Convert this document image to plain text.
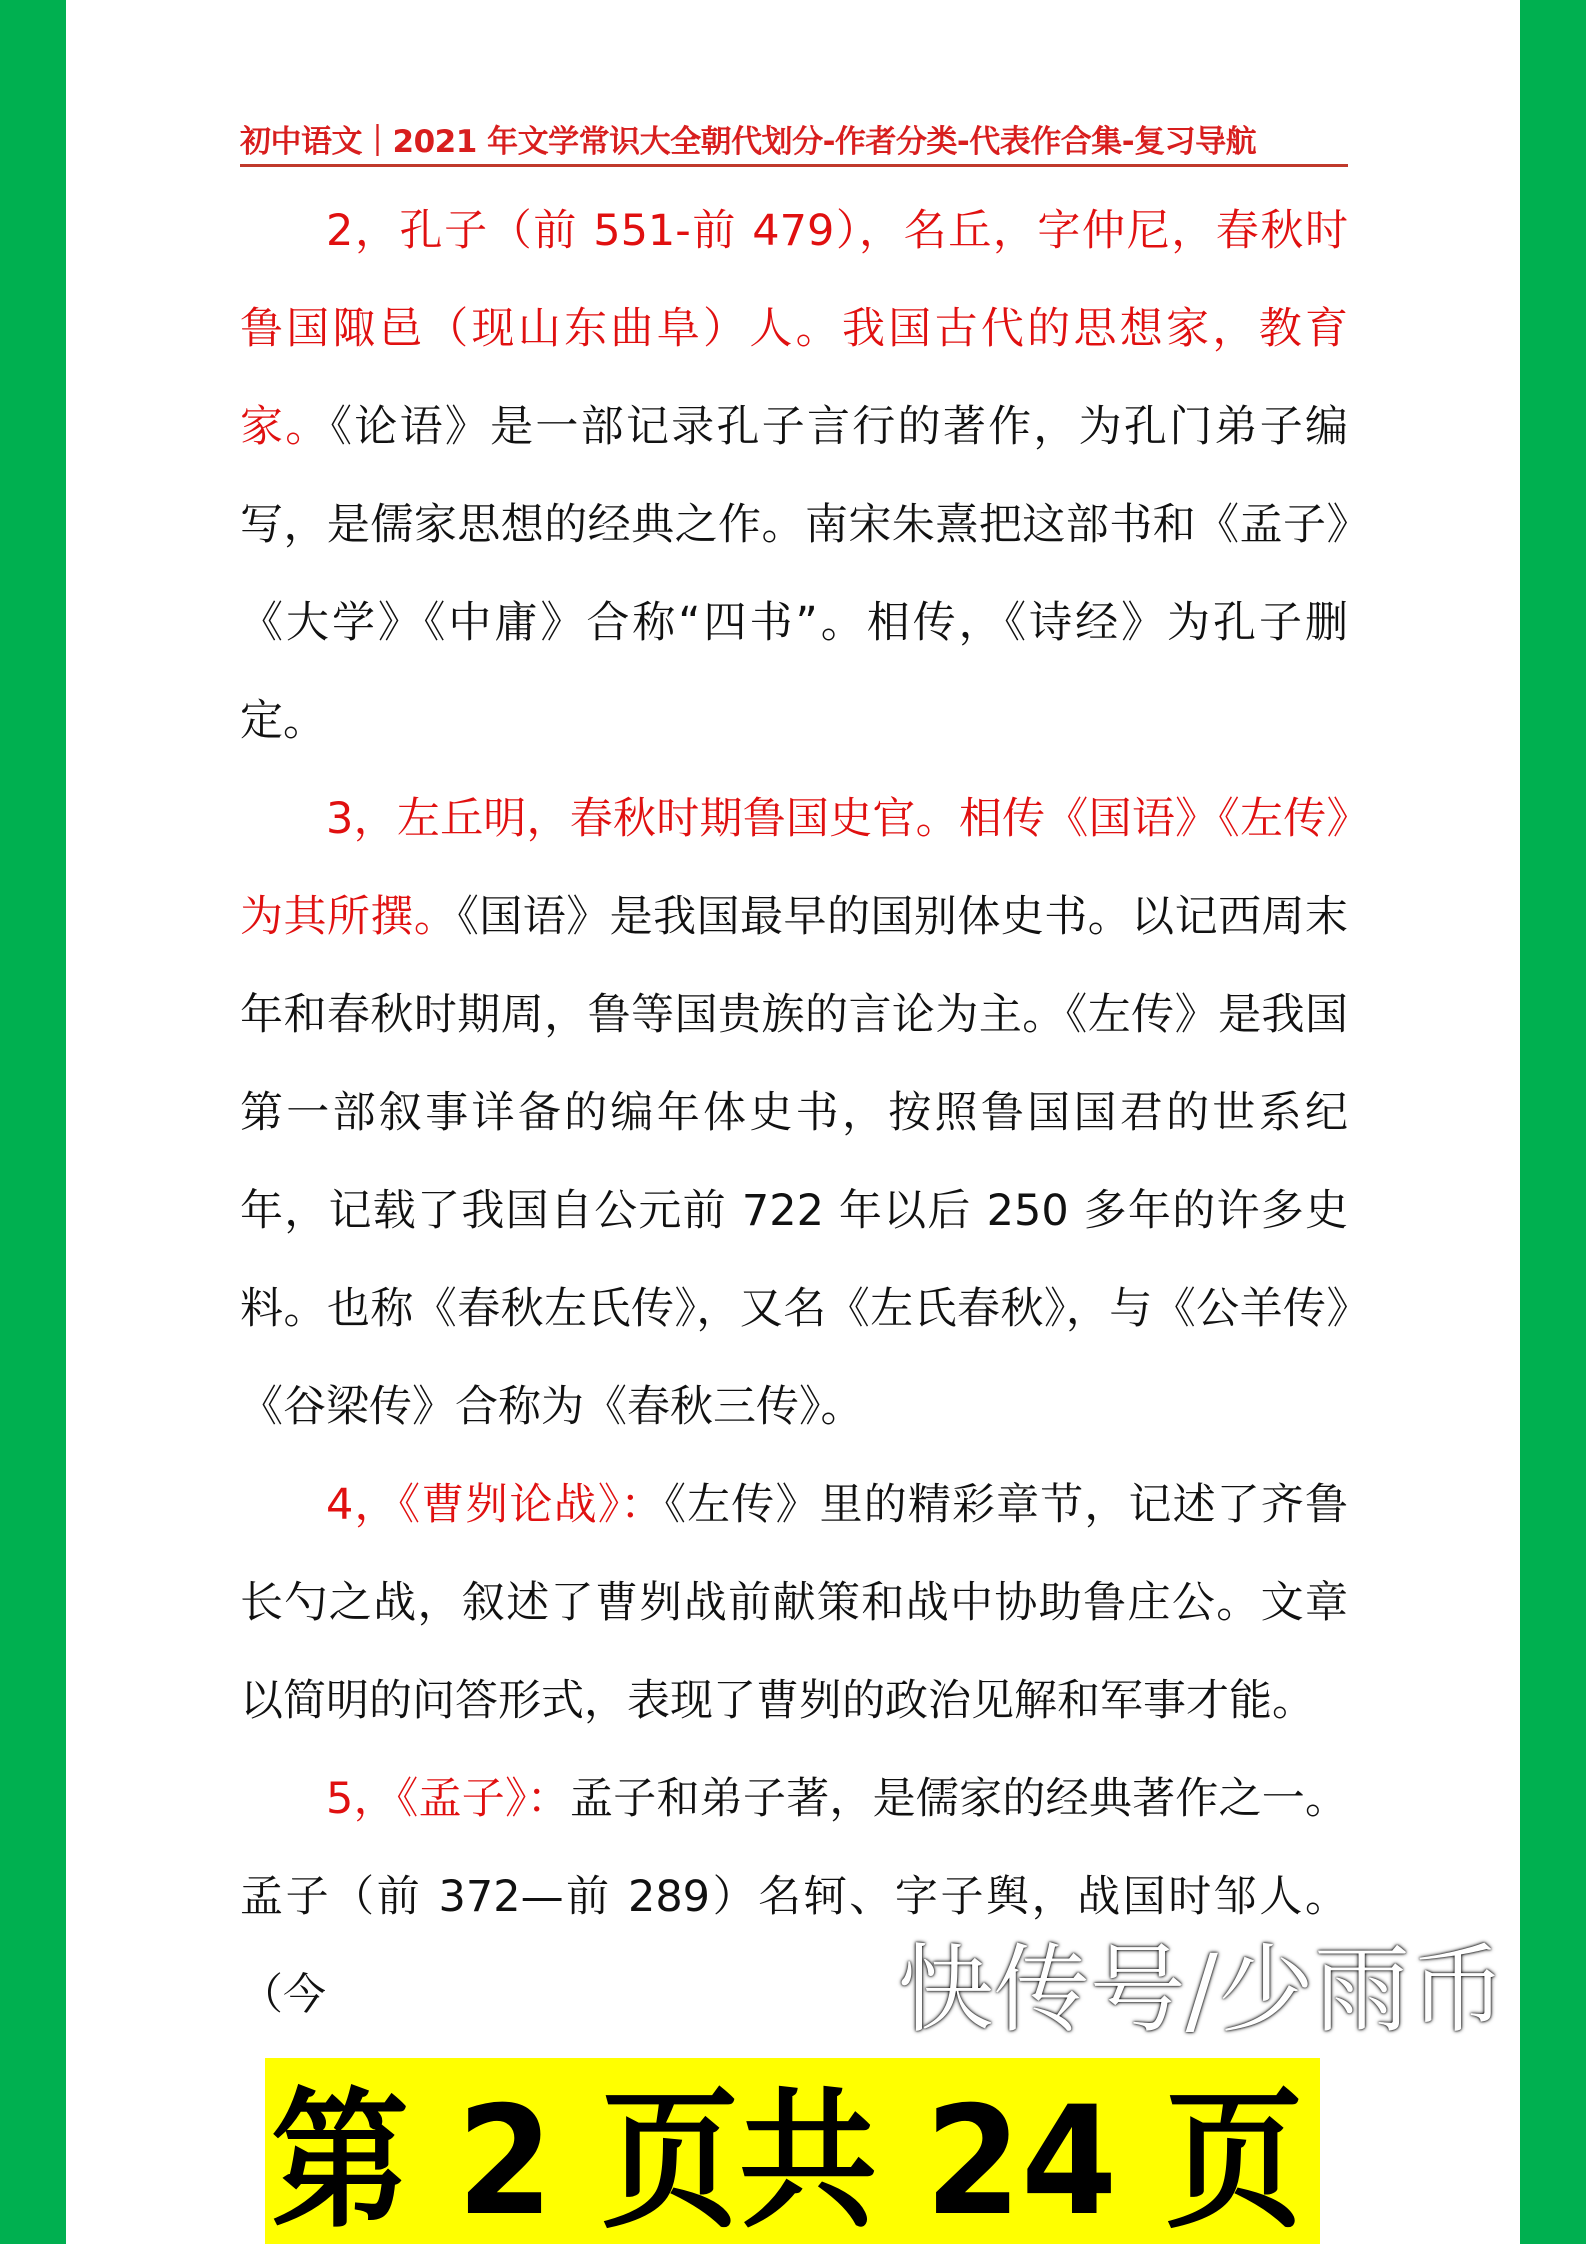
初中语文｜2021 年文学常识大全朝代划分-作者分类-代表作合集-复习导航

2，孔子（前 551-前 479），名丘，字仲尼，春秋时鲁国陬邑（现山东曲阜）人。我国古代的思想家，教育家。《论语》是一部记录孔子言行的著作，为孔门弟子编写，是儒家思想的经典之作。南宋朱熹把这部书和《孟子》《大学》《中庸》合称“四书”。相传，《诗经》为孔子删定。

3，左丘明，春秋时期鲁国史官。相传《国语》《左传》为其所撰。《国语》是我国最早的国别体史书。以记西周末年和春秋时期周，鲁等国贵族的言论为主。《左传》是我国第一部叙事详备的编年体史书，按照鲁国国君的世系纪年，记载了我国自公元前 722 年以后 250 多年的许多史料。也称《春秋左氏传》，又名《左氏春秋》，与《公羊传》《谷梁传》合称为《春秋三传》。

4，《曹刿论战》：《左传》里的精彩章节，记述了齐鲁长勺之战，叙述了曹刿战前献策和战中协助鲁庄公。文章以简明的问答形式，表现了曹刿的政治见解和军事才能。

5，《孟子》：孟子和弟子著，是儒家的经典著作之一。孟子（前 372—前 289）名轲、字子舆，战国时邹人。（今	快传号/少雨币
第 2 页共 24 页
